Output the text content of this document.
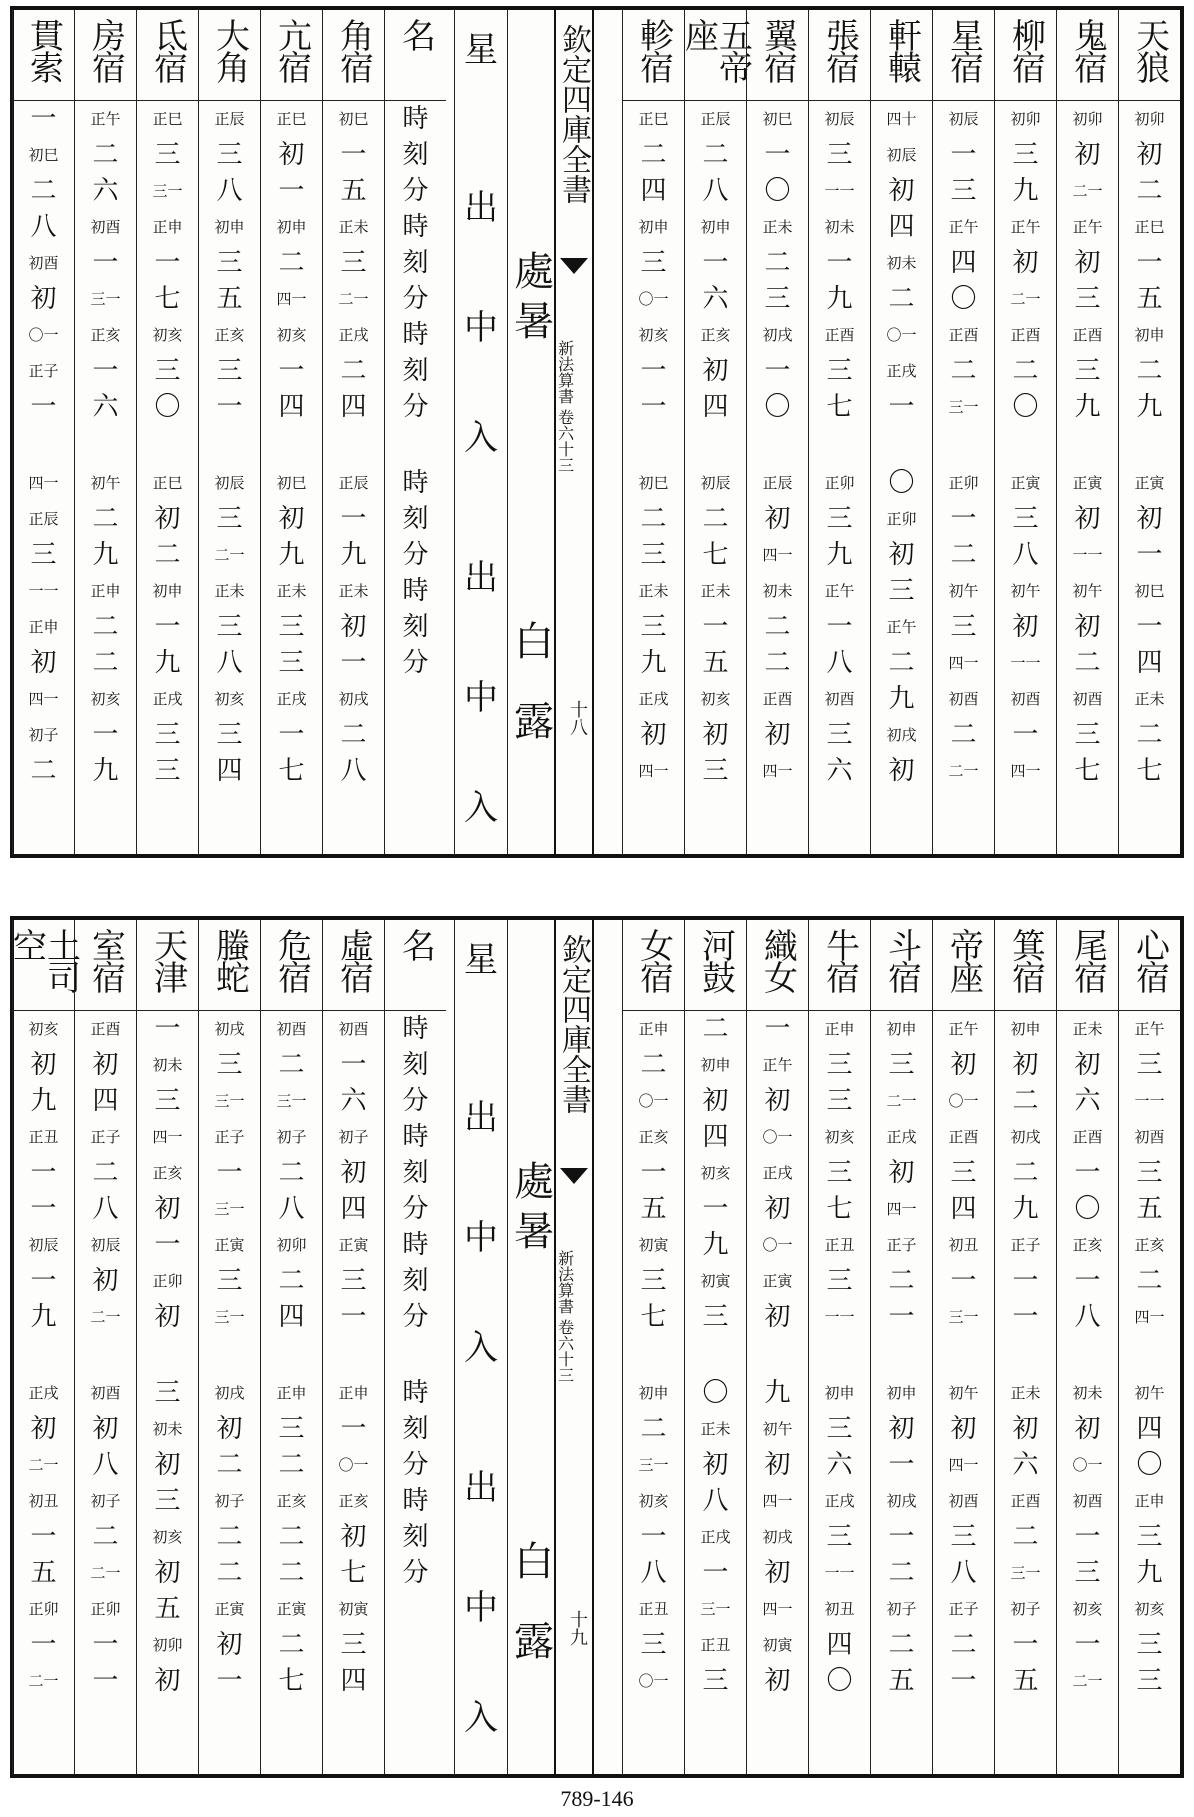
天狼
初卯
初
二
正巳
一
五
初申
二
九
正寅
初
一
初巳
一
四
正未
二
七
鬼宿
初卯
初
二一
正午
初
三
正酉
三
九
正寅
初
一一
初午
初
二
初酉
三
七
柳宿
初卯
三
九
正午
初
二一
正酉
二
〇
正寅
三
八
初午
初
一一
初酉
一
四一
星宿
初辰
一
三
正午
四
〇
正酉
二
三一
正卯
一
二
初午
三
四一
初酉
二
二一
軒轅
四十
初辰
初
四
初未
二
〇一
正戌
一
〇
正卯
初
三
正午
二
九
初戌
初
張宿
初辰
三
一一
初未
一
九
正酉
三
七
正卯
三
九
正午
一
八
初酉
三
六
翼宿
初巳
一
〇
正未
二
三
初戌
一
〇
正辰
初
四一
初未
二
二
正酉
初
四一
五帝座
正辰
二
八
初申
一
六
正亥
初
四
初辰
二
七
正未
一
五
初亥
初
三
軫宿
正巳
二
四
初申
三
〇一
初亥
一
一
初巳
二
三
正未
三
九
正戌
初
四一
欽定四庫全書
新法算書 卷六十三
十八
處
暑
白
露
星
出
中
入
出
中
入
名
時
刻
分
時
刻
分
時
刻
分
時
刻
分
時
刻
分
角宿
初巳
一
五
正未
三
二一
正戌
二
四
正辰
一
九
正未
初
一
初戌
二
八
亢宿
正巳
初
一
初申
二
四一
初亥
一
四
初巳
初
九
正未
三
三
正戌
一
七
大角
正辰
三
八
初申
三
五
正亥
三
一
初辰
三
二一
正未
三
八
初亥
三
四
氐宿
正巳
三
三一
正申
一
七
初亥
三
〇
正巳
初
二
初申
一
九
正戌
三
三
房宿
正午
二
六
初酉
一
三一
正亥
一
六
初午
二
九
正申
二
二
初亥
一
九
貫索
一
初巳
二
八
初酉
初
〇一
正子
一
四一
正辰
三
一一
正申
初
四一
初子
二
心宿
正午
三
一一
初酉
三
五
正亥
二
四一
初午
四
〇
正申
三
九
初亥
三
三
尾宿
正未
初
六
正酉
一
〇
正亥
一
八
初未
初
〇一
初酉
一
三
初亥
一
二一
箕宿
初申
初
二
初戌
二
九
正子
一
一
正未
初
六
正酉
二
三一
初子
一
五
帝座
正午
初
〇一
正酉
三
四
初丑
一
三一
初午
初
四一
初酉
三
八
正子
二
一
斗宿
初申
三
二一
正戌
初
四一
正子
二
一
初申
初
一
初戌
一
二
初子
二
五
牛宿
正申
三
三
初亥
三
七
正丑
三
一一
初申
三
六
正戌
三
一一
初丑
四
〇
織女
一
正午
初
〇一
正戌
初
〇一
正寅
初
九
初午
初
四一
初戌
初
四一
初寅
初
河鼓
二
初申
初
四
初亥
一
九
初寅
三
〇
正未
初
八
正戌
一
三一
正丑
三
女宿
正申
二
〇一
正亥
一
五
初寅
三
七
初申
二
三一
初亥
一
八
正丑
三
〇一
欽定四庫全書
新法算書 卷六十三
十九
處
暑
白
露
星
出
中
入
出
中
入
名
時
刻
分
時
刻
分
時
刻
分
時
刻
分
時
刻
分
虛宿
初酉
一
六
初子
初
四
正寅
三
一
正申
一
〇一
正亥
初
七
初寅
三
四
危宿
初酉
二
三一
初子
二
八
初卯
二
四
正申
三
二
正亥
二
二
正寅
二
七
螣蛇
初戌
三
三一
正子
一
三一
正寅
三
三一
初戌
初
二
初子
二
二
正寅
初
一
天津
一
初未
三
四一
正亥
初
一
正卯
初
三
初未
初
三
初亥
初
五
初卯
初
室宿
正酉
初
四
正子
二
八
初辰
初
二一
初酉
初
八
初子
二
二一
正卯
一
一
土司空
初亥
初
九
正丑
一
一
初辰
一
九
正戌
初
二一
初丑
一
五
正卯
一
二一
789-146
